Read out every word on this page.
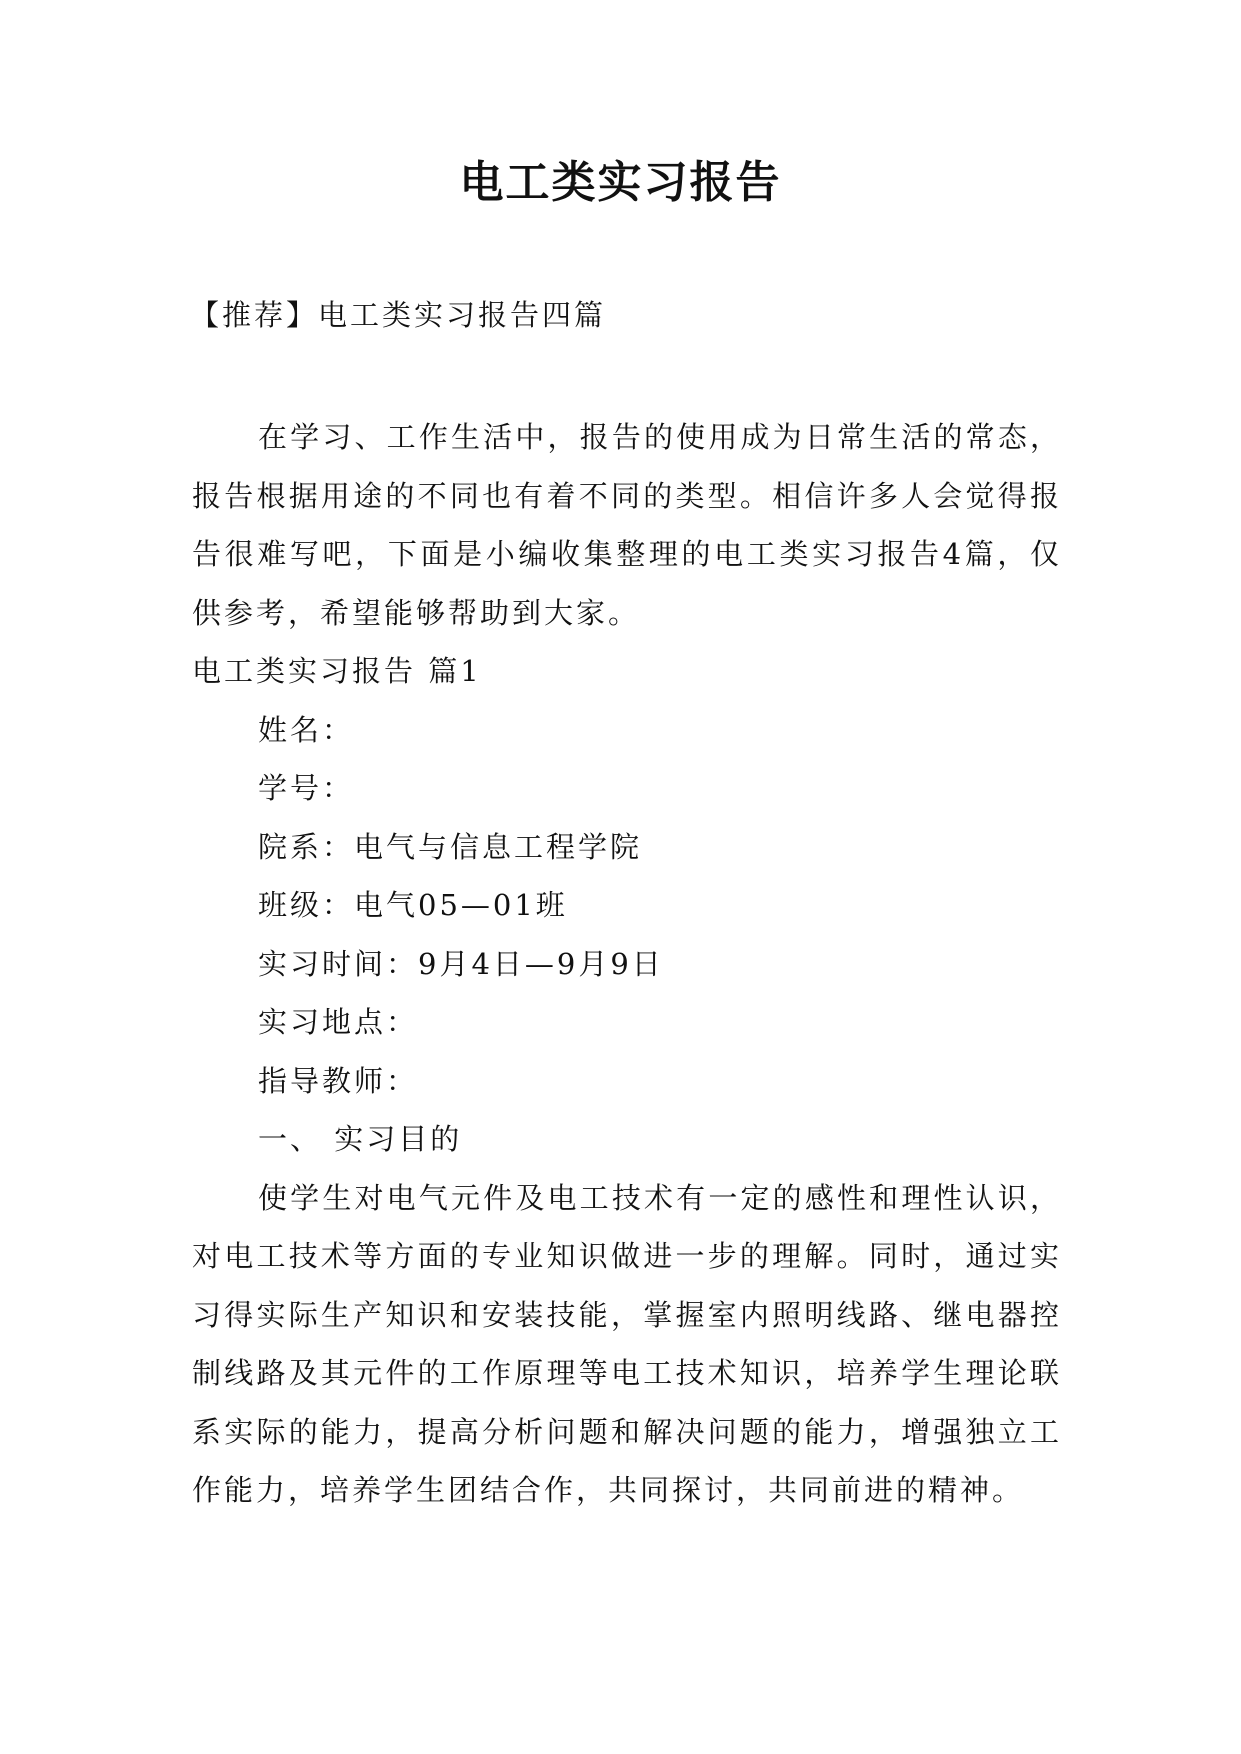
电工类实习报告
【推荐】电工类实习报告四篇

在学习、工作生活中，报告的使用成为日常生活的常态，报告根据用途的不同也有着不同的类型。相信许多人会觉得报告很难写吧，下面是小编收集整理的电工类实习报告4篇，仅供参考，希望能够帮助到大家。

电工类实习报告 篇1

姓名：

学号：

院系：电气与信息工程学院

班级：电气05—01班

实习时间：9月4日—9月9日

实习地点：

指导教师：

一、 实习目的

使学生对电气元件及电工技术有一定的感性和理性认识，对电工技术等方面的专业知识做进一步的理解。同时，通过实习得实际生产知识和安装技能，掌握室内照明线路、继电器控制线路及其元件的工作原理等电工技术知识，培养学生理论联系实际的能力，提高分析问题和解决问题的能力，增强独立工作能力，培养学生团结合作，共同探讨，共同前进的精神。
